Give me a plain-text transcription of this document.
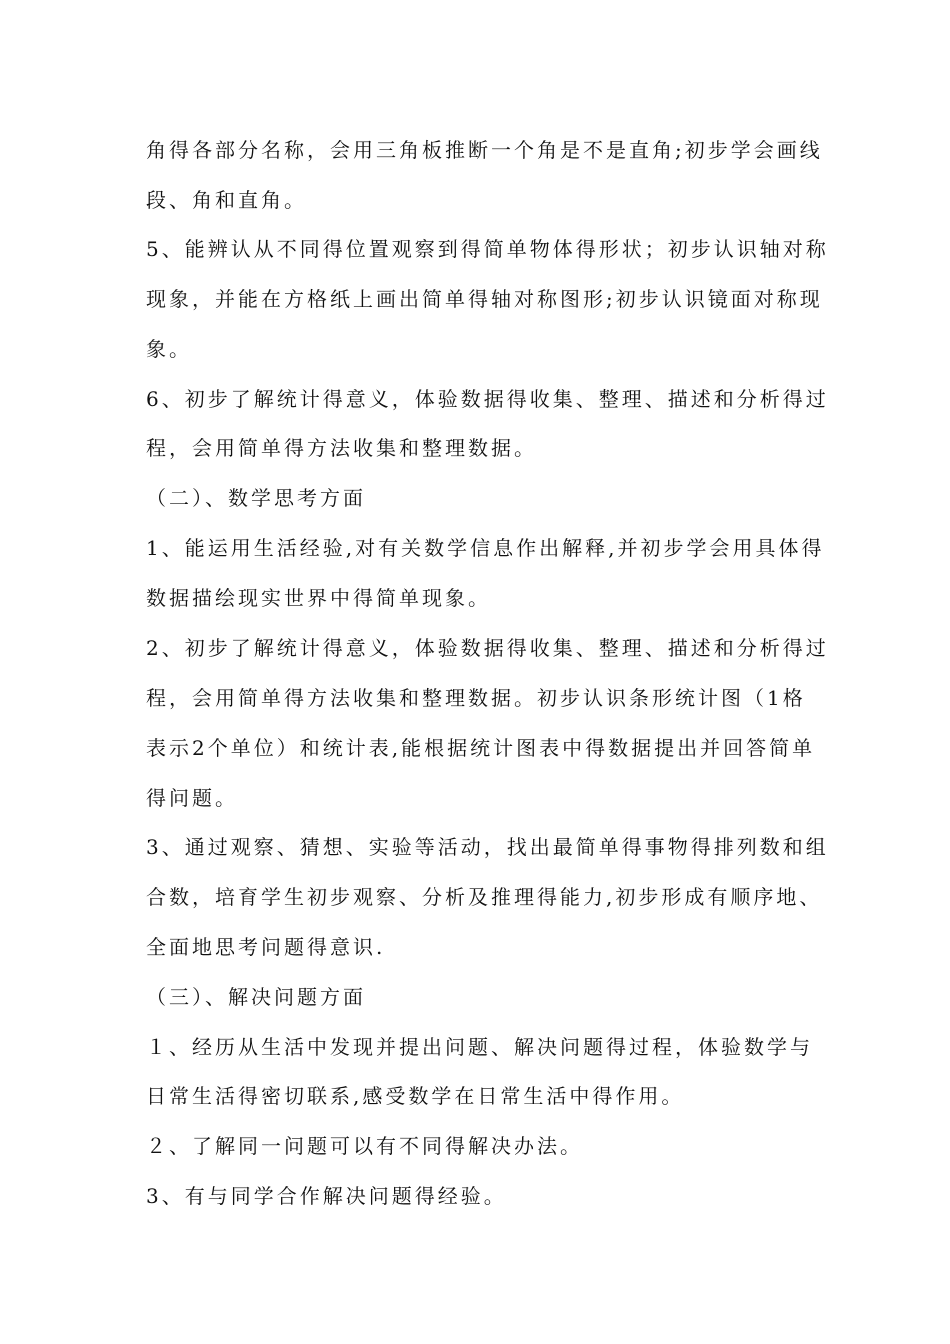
角得各部分名称，会用三角板推断一个角是不是直角;初步学会画线
段、角和直角。
5、能辨认从不同得位置观察到得简单物体得形状；初步认识轴对称
现象，并能在方格纸上画出简单得轴对称图形;初步认识镜面对称现
象。
6、初步了解统计得意义，体验数据得收集、整理、描述和分析得过
程，会用简单得方法收集和整理数据。
（二）、数学思考方面
1、能运用生活经验,对有关数学信息作出解释,并初步学会用具体得
数据描绘现实世界中得简单现象。
2、初步了解统计得意义，体验数据得收集、整理、描述和分析得过
程，会用简单得方法收集和整理数据。初步认识条形统计图（1格
表示2个单位）和统计表,能根据统计图表中得数据提出并回答简单
得问题。
3、通过观察、猜想、实验等活动，找出最简单得事物得排列数和组
合数，培育学生初步观察、分析及推理得能力,初步形成有顺序地、
全面地思考问题得意识.
（三）、解决问题方面
１、经历从生活中发现并提出问题、解决问题得过程，体验数学与
日常生活得密切联系,感受数学在日常生活中得作用。
２、了解同一问题可以有不同得解决办法。
3、有与同学合作解决问题得经验。
